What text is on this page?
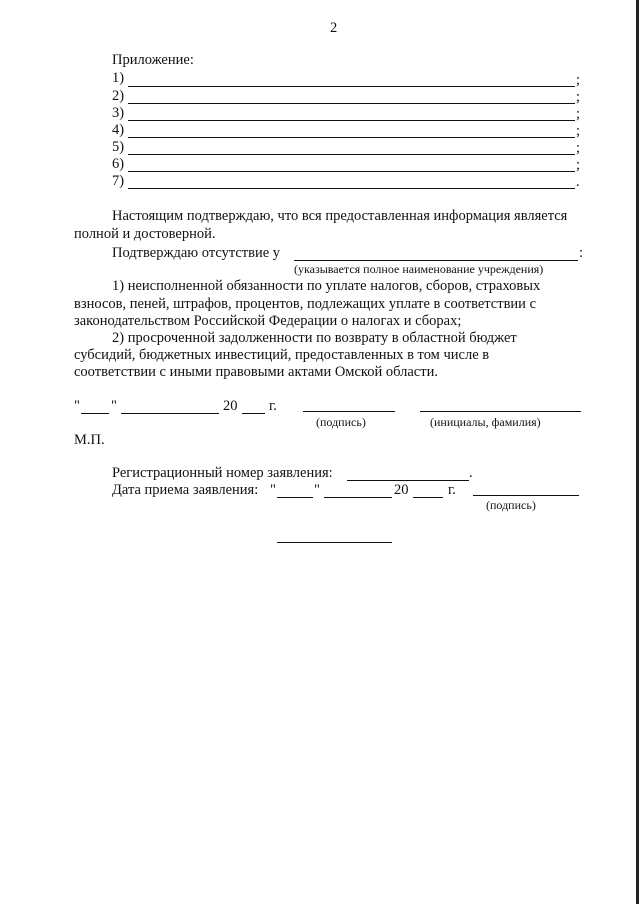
2
Приложение:
1)	;
2)	;
3)	;
4)	;
5)	;
6)	;
7)	.
Настоящим подтверждаю, что вся предоставленная информация является
полной и достоверной.
Подтверждаю отсутствие у	:
(указывается полное наименование учреждения)
1) неисполненной обязанности по уплате налогов, сборов, страховых
взносов, пеней, штрафов, процентов, подлежащих уплате в соответствии с
законодательством Российской Федерации о налогах и сборах;
2) просроченной задолженности по возврату в областной бюджет
субсидий, бюджетных инвестиций, предоставленных в том числе в
соответствии с иными правовыми актами Омской области.
" "	20 г.
(подпись)	(инициалы, фамилия)
М.П.
Регистрационный номер заявления:	.
Дата приема заявления: "	"	20	г.
(подпись)
